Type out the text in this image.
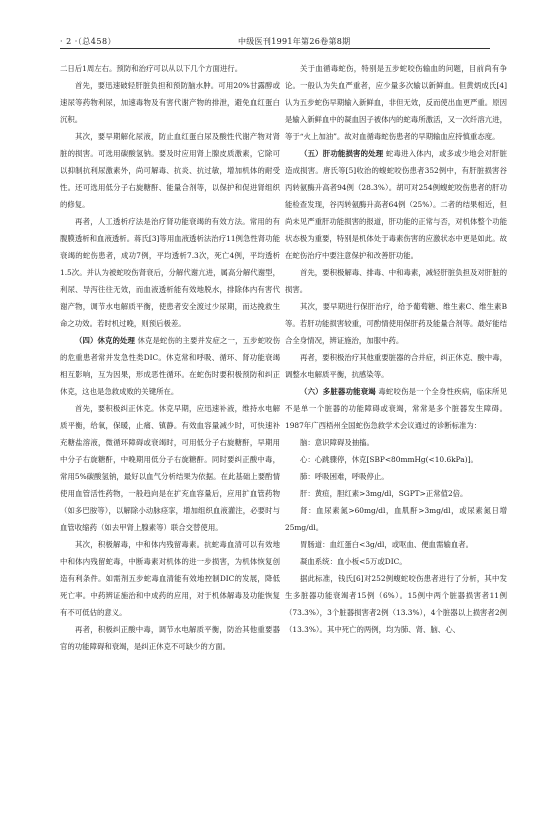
· 2 ·（总458）	中级医刊1991年第26卷第8期

二日后1周左右。预防和治疗可以从以下几个方面进行。

首先，要迅速破轻肝脏负担和预防脑水肿。可用20%甘露醇或速尿等药物利尿，加速毒物及有害代谢产物的排泄，避免血红蛋白沉积。

其次，要早期解化尿液，防止血红蛋白尿及酸性代谢产物对肾脏的损害。可选用碳酸氢钠。要及时应用肾上腺皮质激素，它除可以抑制抗利尿激素外，尚可解毒、抗炎、抗过敏，增加机体的耐受性。还可选用低分子右旋糖酐、能量合剂等，以保护和促进肾组织的修复。

再者，人工透析疗法是治疗肾功能衰竭的有效方法。常用的有腹膜透析和血液透析。蒋氏[3]等用血液透析法治疗11例急性肾功能衰竭的蛇伤患者，成功7例，平均透析7.3次，死亡4例，平均透析1.5次。并认为被蛇咬伤肾衰后，分解代谢亢进，属高分解代谢型，利尿、导泻往往无效，而血液透析能有效地脱水，排除体内有害代谢产物，调节水电解质平衡，使患者安全渡过少尿期，而达挽救生命之功效。若时机过晚，则预后极差。

（四）休克的处理 休克是蛇伤的主要并发症之一，五步蛇咬伤的危重患者常并发急性类DIC。休克常和呼吸、循环、肾功能衰竭相互影响，互为因果，形成恶性循环。在蛇伤时要积极预防和纠正休克，这也是急救成败的关键所在。

首先，要积极纠正休克。休克早期，应迅速补液，维持水电解质平衡，给氧，保暖，止痛、镇静。有效血容量减少时，可快速补充糖盐溶液，微循环障碍或衰竭时，可用低分子右旋糖酐，早期用中分子右旋糖酐，中晚期用低分子右旋糖酐。同时要纠正酸中毒，常用5%碳酸氢钠，最好以血气分析结果为依据。在此基础上要酌情使用血管活性药物，一般趋向是在扩充血容量后，应用扩血管药物（如多巴胺等），以解除小动脉痉挛，增加组织血液灌注，必要时与血管收缩药（如去甲肾上腺素等）联合交替使用。

其次，积极解毒，中和体内残留毒素。抗蛇毒血清可以有效地中和体内残留蛇毒，中断毒素对机体的进一步损害，为机体恢复创造有利条件。如需剂五步蛇毒血清能有效地控制DIC的发展，降低死亡率。中药辨证施治和中成药的应用，对于机体解毒及功能恢复有不可低估的意义。

再者，积极纠正酸中毒，调节水电解质平衡，防治其他重要器官的功能障碍和衰竭，是纠正休克不可缺少的方面。

关于血循毒蛇伤，特别是五步蛇咬伤输血的问题，目前尚有争论。一般认为失血严重者，应少量多次输以新鲜血。但黄炳成氏[4]认为五步蛇伤早期输入新鲜血，非但无效，反而使出血更严重。原因是输入新鲜血中的凝血因子被体内的蛇毒所激活，又一次纤溶亢进，等于“火上加油”。故对血循毒蛇伤患者的早期输血应持慎重态度。

（五）肝功能损害的处理 蛇毒进入体内，或多或少地会对肝脏造成损害。唐氏等[5]收治的蝮蛇咬伤患者352例中，有肝脏损害谷丙转氨酶升高者94例（28.3%）。胡可对254例蝮蛇咬伤患者的肝功能检查发现，谷丙转氨酶升高者64例（25%）。二者的结果相近，但尚未见严重肝功能损害的报道，肝功能的正常与否，对机体整个功能状态极为重要，特别是机体处于毒素伤害的应激状态中更是如此。故在蛇伤治疗中要注意保护和改善肝功能。

首先，要积极解毒、排毒、中和毒素，减轻肝脏负担及对肝脏的损害。

其次，要早期进行保肝治疗，给予葡萄糖、维生素C、维生素B等。若肝功能损害较重，可酌情使用保肝药及能量合剂等。最好能结合全身情况，辨证施治，加服中药。

再者，要积极治疗其他重要脏器的合并症，纠正休克、酸中毒，调整水电解质平衡，抗感染等。

（六）多脏器功能衰竭 毒蛇咬伤是一个全身性疾病，临床所见不是单一个脏器的功能障碍或衰竭，常常是多个脏器发生障碍。1987年广西梧州全国蛇伤急救学术会议通过的诊断标准为：

脑：意识障碍及抽搐。

心：心跳骤停，休克[SBP<80mmHg(<10.6kPa)]。

肺：呼吸困难，呼吸停止。

肝：黄疸，胆红素>3mg/dl，SGPT>正常值2倍。

肾：血尿素氮>60mg/dl，血肌酐>3mg/dl，或尿素氮日增25mg/dl。

胃肠道：血红蛋白<3g/dl，或呕血、便血需输血者。

凝血系统：血小板<5万或DIC。

据此标准，钱氏[6]对252例蝮蛇咬伤患者进行了分析，其中发生多脏器功能衰竭者15例（6%）。15例中两个脏器损害者11例（73.3%），3个脏器损害者2例（13.3%），4个脏器以上损害者2例（13.3%）。其中死亡的两例，均为肺、肾、脑、心、
